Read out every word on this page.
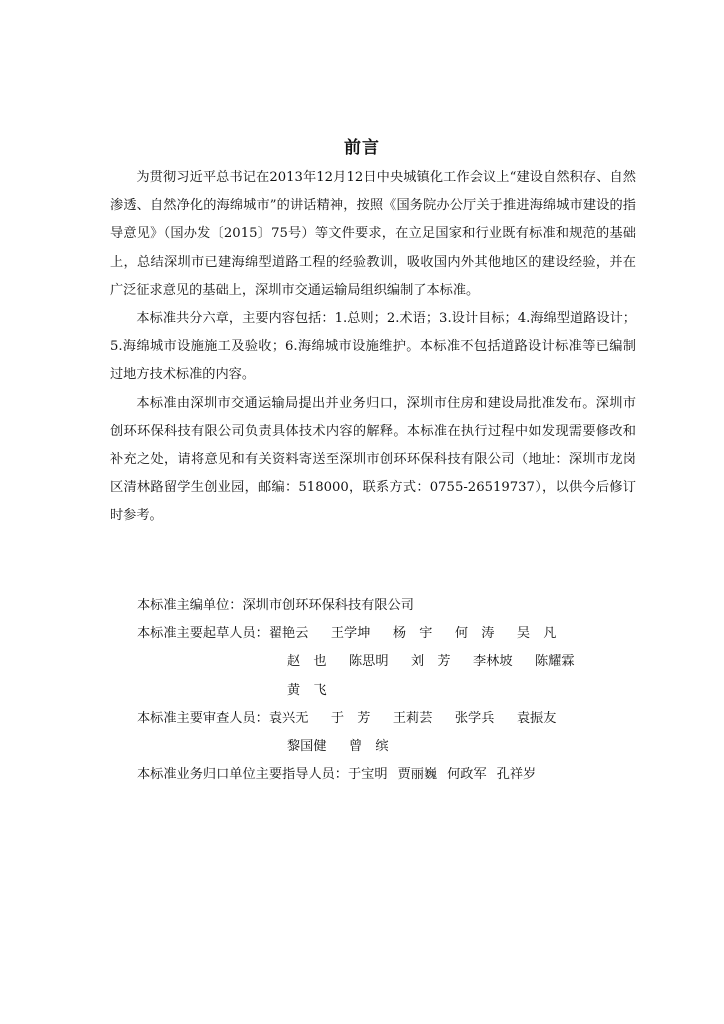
前言

为贯彻习近平总书记在2013年12月12日中央城镇化工作会议上“建设自然积存、自然渗透、自然净化的海绵城市”的讲话精神，按照《国务院办公厅关于推进海绵城市建设的指导意见》（国办发〔2015〕75号）等文件要求，在立足国家和行业既有标准和规范的基础上，总结深圳市已建海绵型道路工程的经验教训，吸收国内外其他地区的建设经验，并在广泛征求意见的基础上，深圳市交通运输局组织编制了本标准。

本标准共分六章，主要内容包括：1.总则；2.术语；3.设计目标；4.海绵型道路设计；5.海绵城市设施施工及验收；6.海绵城市设施维护。本标准不包括道路设计标准等已编制过地方技术标准的内容。

本标准由深圳市交通运输局提出并业务归口，深圳市住房和建设局批准发布。深圳市创环环保科技有限公司负责具体技术内容的解释。本标准在执行过程中如发现需要修改和补充之处，请将意见和有关资料寄送至深圳市创环环保科技有限公司（地址：深圳市龙岗区清林路留学生创业园，邮编：518000，联系方式：0755-26519737），以供今后修订时参考。

本标准主编单位： 深圳市创环环保科技有限公司
本标准主要起草人员： 翟艳云	王学坤	杨　宇	何　涛	吴　凡
赵　也	陈思明	刘　芳	李林坡	陈耀霖
黄　飞
本标准主要审查人员： 袁兴无	于　芳	王莉芸	张学兵	袁振友
黎国健	曾　缤
本标准业务归口单位主要指导人员： 于宝明 贾丽巍 何政军 孔祥岁
